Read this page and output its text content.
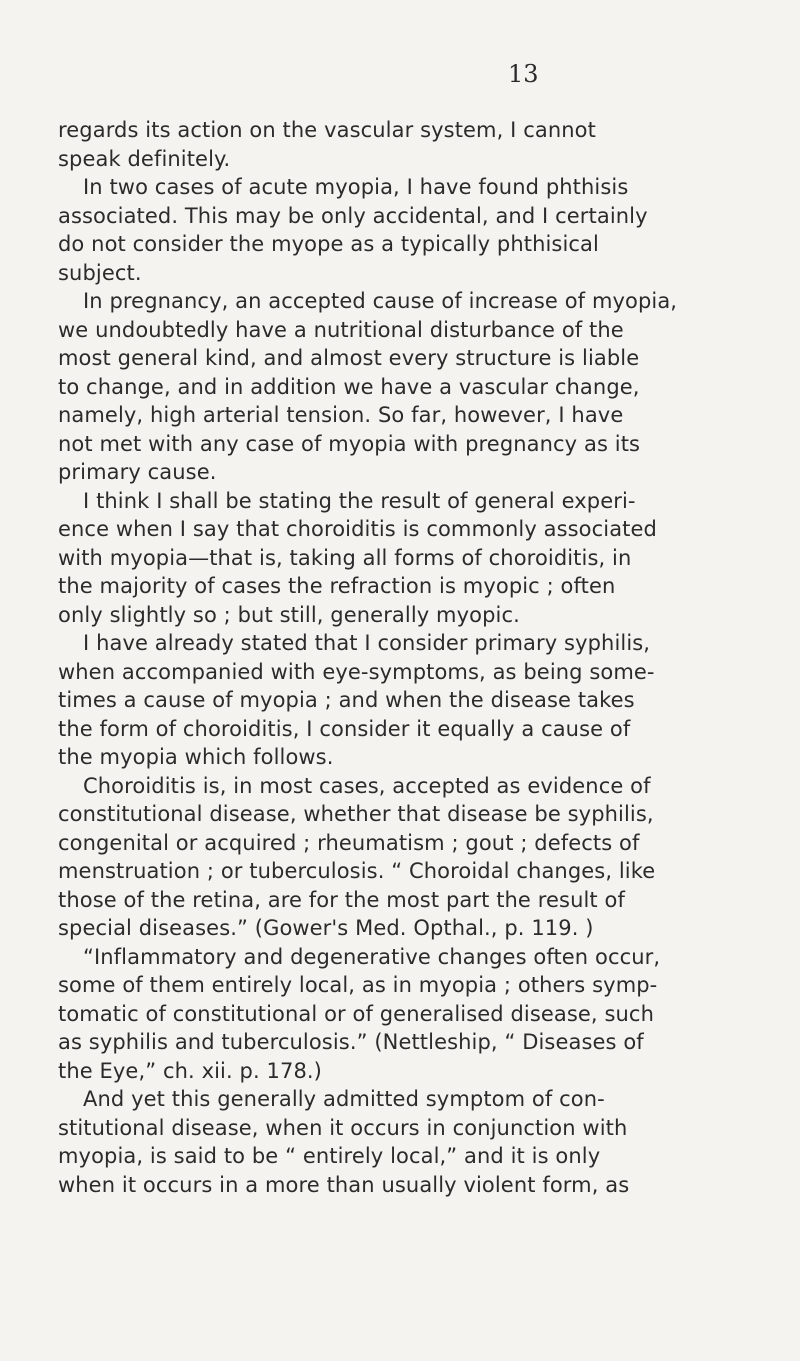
13
regards its action on the vascular system, I cannot
speak definitely.
In two cases of acute myopia, I have found phthisis
associated. This may be only accidental, and I certainly
do not consider the myope as a typically phthisical
subject.
In pregnancy, an accepted cause of increase of myopia,
we undoubtedly have a nutritional disturbance of the
most general kind, and almost every structure is liable
to change, and in addition we have a vascular change,
namely, high arterial tension. So far, however, I have
not met with any case of myopia with pregnancy as its
primary cause.
I think I shall be stating the result of general experi-
ence when I say that choroiditis is commonly associated
with myopia—that is, taking all forms of choroiditis, in
the majority of cases the refraction is myopic ; often
only slightly so ; but still, generally myopic.
I have already stated that I consider primary syphilis,
when accompanied with eye-symptoms, as being some-
times a cause of myopia ; and when the disease takes
the form of choroiditis, I consider it equally a cause of
the myopia which follows.
Choroiditis is, in most cases, accepted as evidence of
constitutional disease, whether that disease be syphilis,
congenital or acquired ; rheumatism ; gout ; defects of
menstruation ; or tuberculosis. “ Choroidal changes, like
those of the retina, are for the most part the result of
special diseases.” (Gower's Med. Opthal., p. 119. )
“Inflammatory and degenerative changes often occur,
some of them entirely local, as in myopia ; others symp-
tomatic of constitutional or of generalised disease, such
as syphilis and tuberculosis.” (Nettleship, “ Diseases of
the Eye,” ch. xii. p. 178.)
And yet this generally admitted symptom of con-
stitutional disease, when it occurs in conjunction with
myopia, is said to be “ entirely local,” and it is only
when it occurs in a more than usually violent form, as
